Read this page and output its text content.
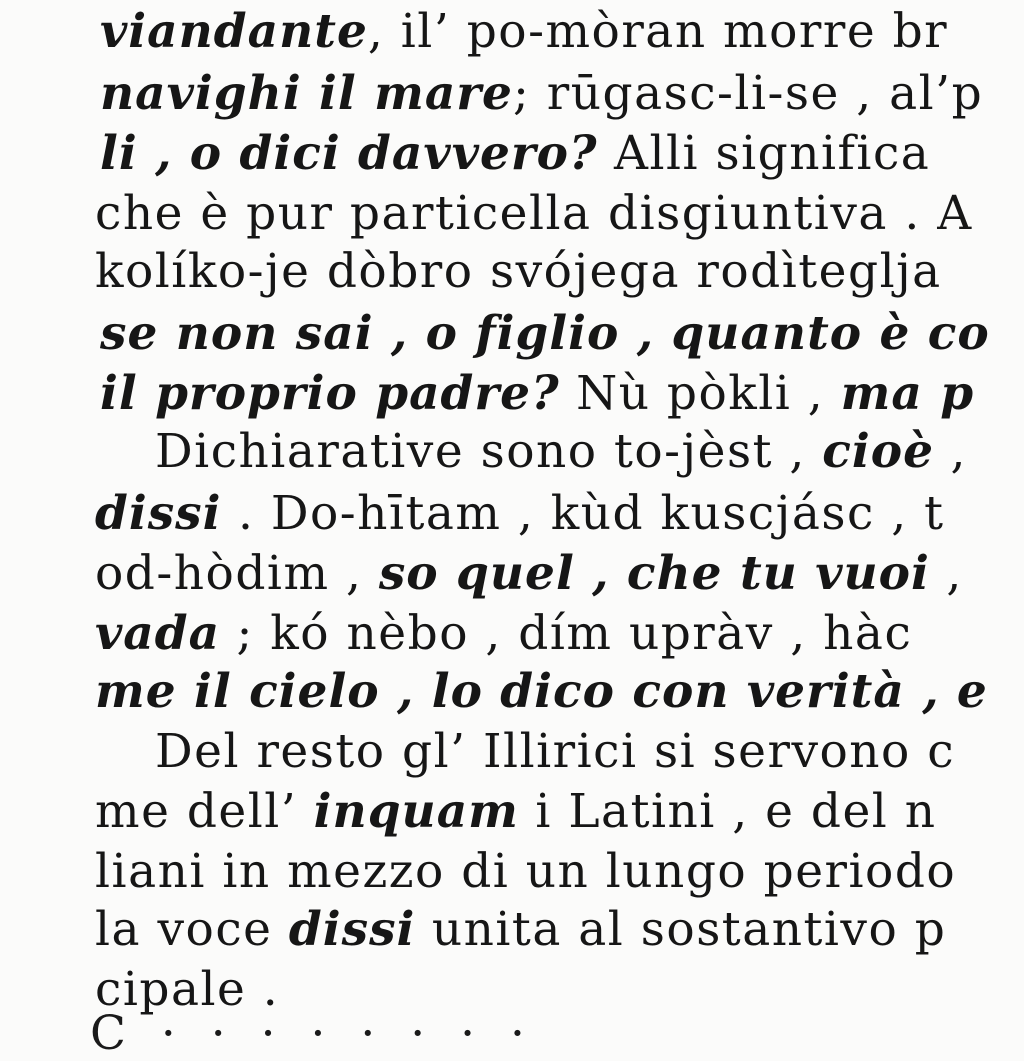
viandante, il’ po-mòran morre br

navighi il mare; rūgasc-li-se , al’p

li , o dici davvero? Alli significa

che è pur particella disgiuntiva . A

kolíko-je dòbro svójega rodìteglja

se non sai , o figlio , quanto è co

il proprio padre? Nù pòkli , ma p

Dichiarative sono to-jèst , cioè ,

dissi . Do-hītam , kùd kuscjásc , t

od-hòdim , so quel , che tu vuoi ,

vada ; kó nèbo , dím upràv , hàc

me il cielo , lo dico con verità , e

Del resto gl’ Illirici si servono c

me dell’ inquam i Latini , e del n

liani in mezzo di un lungo periodo

la voce dissi unita al sostantivo p

cipale .

C · · · · · · · ·
